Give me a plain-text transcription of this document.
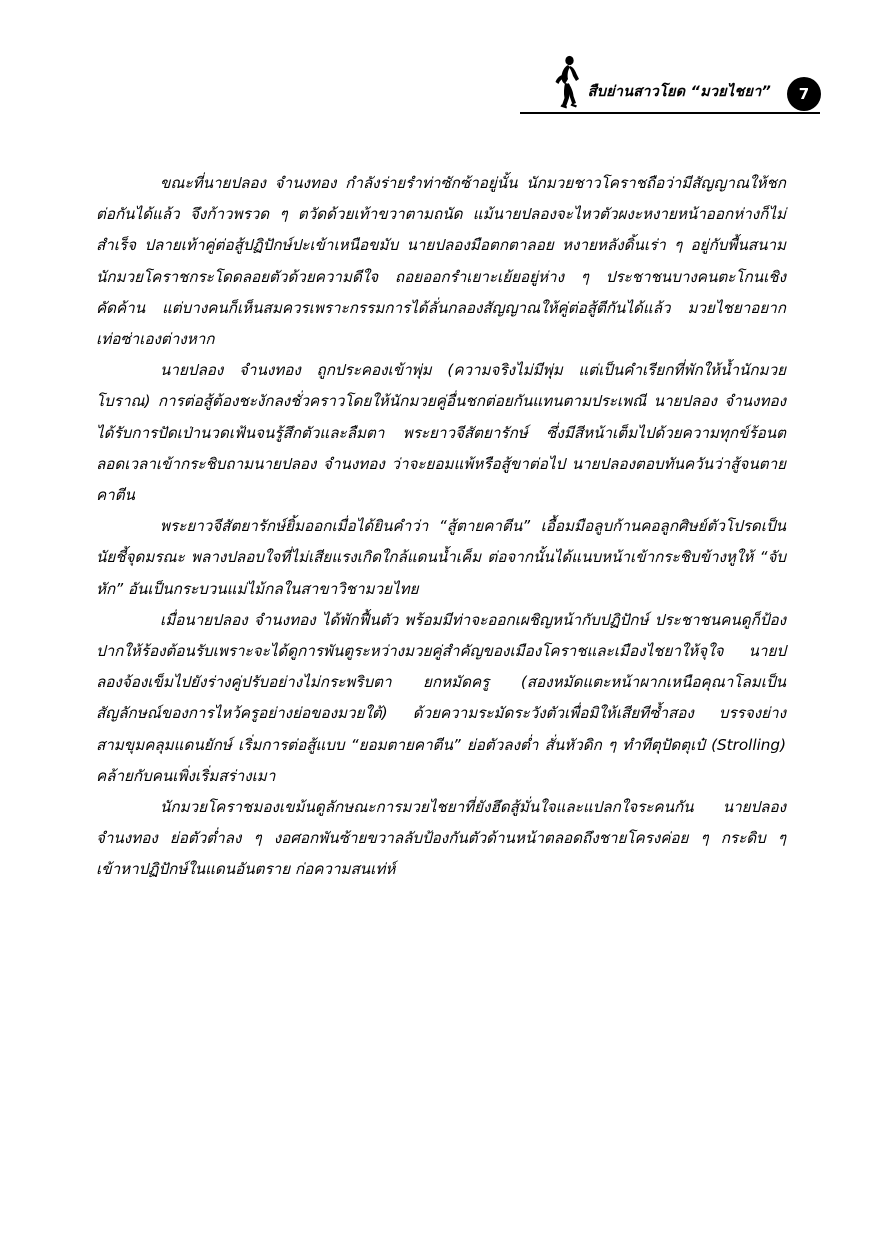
สืบย่านสาวโยด “มวยไชยา”	7

ขณะที่นายปลอง จำนงทอง กำลังร่ายรำท่าซักซ้าอยู่นั้น นักมวยชาวโคราชถือว่ามีสัญญาณให้ชกต่อกันได้แล้ว จึงก้าวพรวด ๆ ตวัดด้วยเท้าขวาตามถนัด แม้นายปลองจะไหวตัวผงะหงายหน้าออกห่างก็ไม่สำเร็จ ปลายเท้าคู่ต่อสู้ปฏิปักษ์ปะเข้าเหนือขมับ นายปลองมือตกตาลอย หงายหลังดิ้นเร่า ๆ อยู่กับพื้นสนาม นักมวยโคราชกระโดดลอยตัวด้วยความดีใจ ถอยออกรำเยาะเย้ยอยู่ห่าง ๆ ประชาชนบางคนตะโกนเชิงคัดค้าน แต่บางคนก็เห็นสมควรเพราะกรรมการได้ลั่นกลองสัญญาณให้คู่ต่อสู้ตีกันได้แล้ว มวยไชยาอยากเท่อซ่าเองต่างหาก

นายปลอง จำนงทอง ถูกประคองเข้าพุ่ม (ความจริงไม่มีพุ่ม แต่เป็นคำเรียกที่พักให้น้ำนักมวยโบราณ) การต่อสู้ต้องชะงักลงชั่วคราวโดยให้นักมวยคู่อื่นชกต่อยกันแทนตามประเพณี นายปลอง จำนงทอง ได้รับการปัดเป่านวดเฟ้นจนรู้สึกตัวและลืมตา พระยาวจีสัตยารักษ์ ซึ่งมีสีหน้าเต็มไปด้วยความทุกข์ร้อนตลอดเวลาเข้ากระชิบถามนายปลอง จำนงทอง ว่าจะยอมแพ้หรือสู้ขาต่อไป นายปลองตอบทันควันว่าสู้จนตายคาตีน

พระยาวจีสัตยารักษ์ยิ้มออกเมื่อได้ยินคำว่า “สู้ตายคาตีน” เอื้อมมือลูบก้านคอลูกศิษย์ตัวโปรดเป็นนัยชี้จุดมรณะ พลางปลอบใจที่ไม่เสียแรงเกิดใกล้แดนน้ำเค็ม ต่อจากนั้นได้แนบหน้าเข้ากระชิบข้างหูให้ “จับหัก” อันเป็นกระบวนแม่ไม้กลในสาขาวิชามวยไทย

เมื่อนายปลอง จำนงทอง ได้พักฟื้นตัว พร้อมมีท่าจะออกเผชิญหน้ากับปฏิปักษ์ ประชาชนคนดูก็ป้องปากให้ร้องต้อนรับเพราะจะได้ดูการพันตูระหว่างมวยคู่สำคัญของเมืองโคราชและเมืองไชยาให้จุใจ นายปลองจ้องเข็มไปยังร่างคู่ปรับอย่างไม่กระพริบตา ยกหมัดครู (สองหมัดแตะหน้าผากเหนือคุณาโลมเป็นสัญลักษณ์ของการไหว้ครูอย่างย่อของมวยใต้) ด้วยความระมัดระวังตัวเพื่อมิให้เสียทีซ้ำสอง บรรจงย่างสามขุมคลุมแดนยักษ์ เริ่มการต่อสู้แบบ “ยอมตายคาตีน” ย่อตัวลงต่ำ สั่นหัวดิก ๆ ทำทีตุปัดตุเป๋ (Strolling) คล้ายกับคนเพิ่งเริ่มสร่างเมา

นักมวยโคราชมองเขม้นดูลักษณะการมวยไชยาที่ยังฮึดสู้มั่นใจและแปลกใจระคนกัน นายปลอง จำนงทอง ย่อตัวต่ำลง ๆ งอศอกพันซ้ายขวาลลับป้องกันตัวด้านหน้าตลอดถึงชายโครงค่อย ๆ กระดิบ ๆ เข้าหาปฏิปักษ์ในแดนอันตราย ก่อความสนเท่ห์
